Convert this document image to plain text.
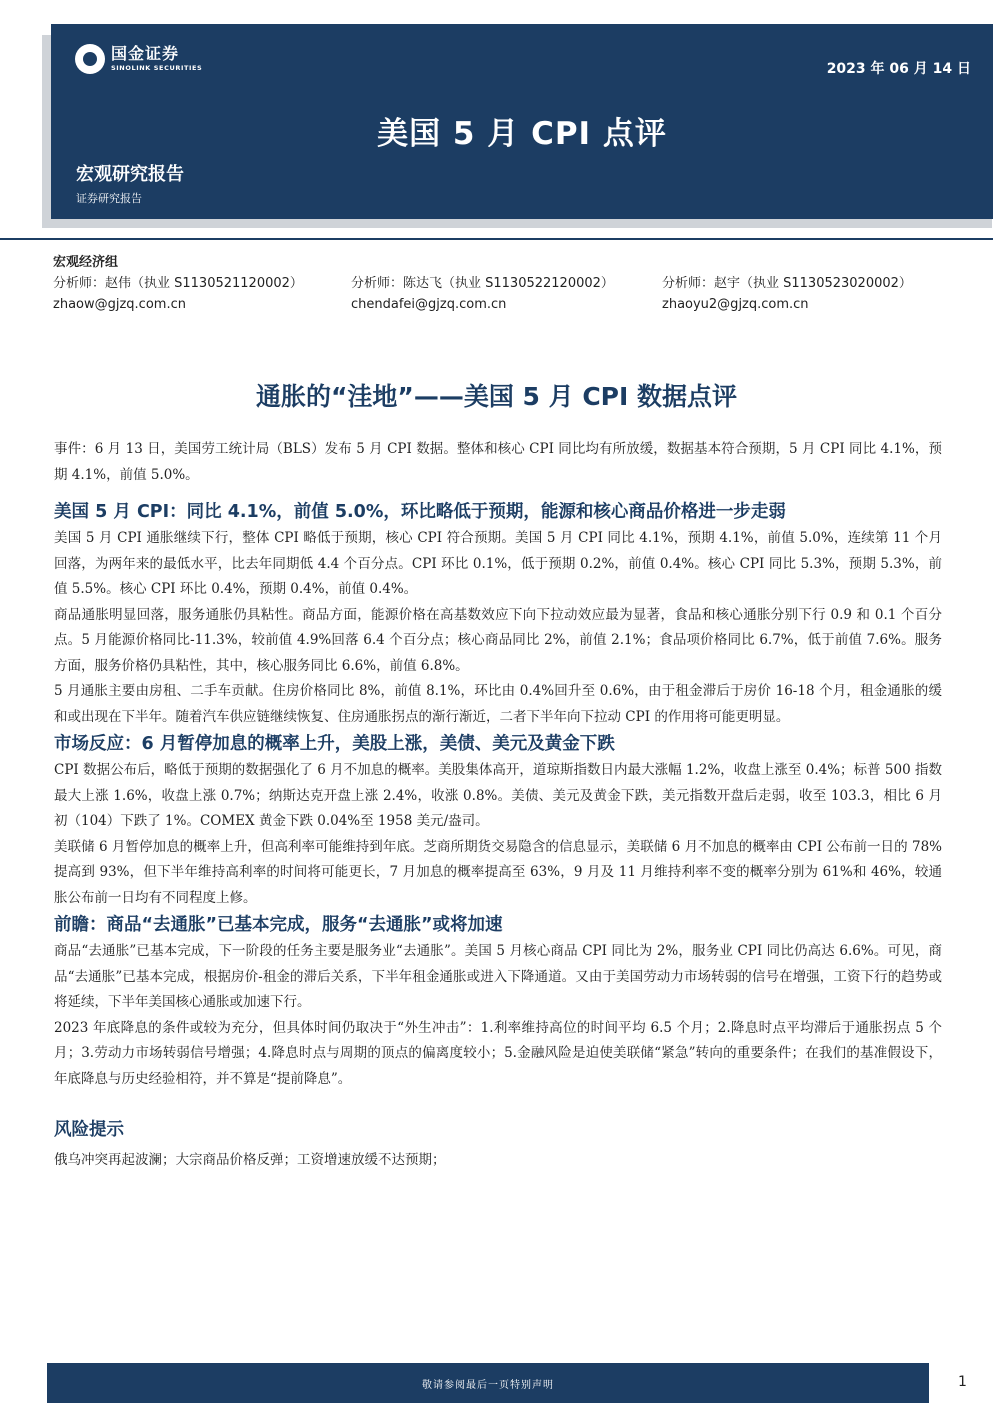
国金证券
SINOLINK SECURITIES	2023 年 06 月 14 日
美国 5 月 CPI 点评
宏观研究报告
证券研究报告
宏观经济组
分析师：赵伟（执业 S1130521120002）	分析师：陈达飞（执业 S1130522120002）	分析师：赵宇（执业 S1130523020002）
zhaow@gjzq.com.cn	chendafei@gjzq.com.cn	zhaoyu2@gjzq.com.cn
通胀的“洼地”——美国 5 月 CPI 数据点评

事件：6 月 13 日，美国劳工统计局（BLS）发布 5 月 CPI 数据。整体和核心 CPI 同比均有所放缓，数据基本符合预期，5 月 CPI 同比 4.1%，预期 4.1%，前值 5.0%。

美国 5 月 CPI：同比 4.1%，前值 5.0%，环比略低于预期，能源和核心商品价格进一步走弱

美国 5 月 CPI 通胀继续下行，整体 CPI 略低于预期，核心 CPI 符合预期。美国 5 月 CPI 同比 4.1%，预期 4.1%，前值 5.0%，连续第 11 个月回落，为两年来的最低水平，比去年同期低 4.4 个百分点。CPI 环比 0.1%，低于预期 0.2%，前值 0.4%。核心 CPI 同比 5.3%，预期 5.3%，前值 5.5%。核心 CPI 环比 0.4%，预期 0.4%，前值 0.4%。

商品通胀明显回落，服务通胀仍具粘性。商品方面，能源价格在高基数效应下向下拉动效应最为显著，食品和核心通胀分别下行 0.9 和 0.1 个百分点。5 月能源价格同比-11.3%，较前值 4.9%回落 6.4 个百分点；核心商品同比 2%，前值 2.1%；食品项价格同比 6.7%，低于前值 7.6%。服务方面，服务价格仍具粘性，其中，核心服务同比 6.6%，前值 6.8%。

5 月通胀主要由房租、二手车贡献。住房价格同比 8%，前值 8.1%，环比由 0.4%回升至 0.6%，由于租金滞后于房价 16-18 个月，租金通胀的缓和或出现在下半年。随着汽车供应链继续恢复、住房通胀拐点的渐行渐近，二者下半年向下拉动 CPI 的作用将可能更明显。

市场反应：6 月暂停加息的概率上升，美股上涨，美债、美元及黄金下跌

CPI 数据公布后，略低于预期的数据强化了 6 月不加息的概率。美股集体高开，道琼斯指数日内最大涨幅 1.2%，收盘上涨至 0.4%；标普 500 指数最大上涨 1.6%，收盘上涨 0.7%；纳斯达克开盘上涨 2.4%，收涨 0.8%。美债、美元及黄金下跌，美元指数开盘后走弱，收至 103.3，相比 6 月初（104）下跌了 1%。COMEX 黄金下跌 0.04%至 1958 美元/盎司。

美联储 6 月暂停加息的概率上升，但高利率可能维持到年底。芝商所期货交易隐含的信息显示，美联储 6 月不加息的概率由 CPI 公布前一日的 78%提高到 93%，但下半年维持高利率的时间将可能更长，7 月加息的概率提高至 63%，9 月及 11 月维持利率不变的概率分别为 61%和 46%，较通胀公布前一日均有不同程度上修。

前瞻：商品“去通胀”已基本完成，服务“去通胀”或将加速

商品“去通胀”已基本完成，下一阶段的任务主要是服务业“去通胀”。美国 5 月核心商品 CPI 同比为 2%，服务业 CPI 同比仍高达 6.6%。可见，商品“去通胀”已基本完成，根据房价-租金的滞后关系，下半年租金通胀或进入下降通道。又由于美国劳动力市场转弱的信号在增强，工资下行的趋势或将延续，下半年美国核心通胀或加速下行。

2023 年底降息的条件或较为充分，但具体时间仍取决于“外生冲击”：1.利率维持高位的时间平均 6.5 个月；2.降息时点平均滞后于通胀拐点 5 个月；3.劳动力市场转弱信号增强；4.降息时点与周期的顶点的偏离度较小；5.金融风险是迫使美联储“紧急”转向的重要条件；在我们的基准假设下，年底降息与历史经验相符，并不算是“提前降息”。

风险提示

俄乌冲突再起波澜；大宗商品价格反弹；工资增速放缓不达预期；

敬请参阅最后一页特别声明	1
